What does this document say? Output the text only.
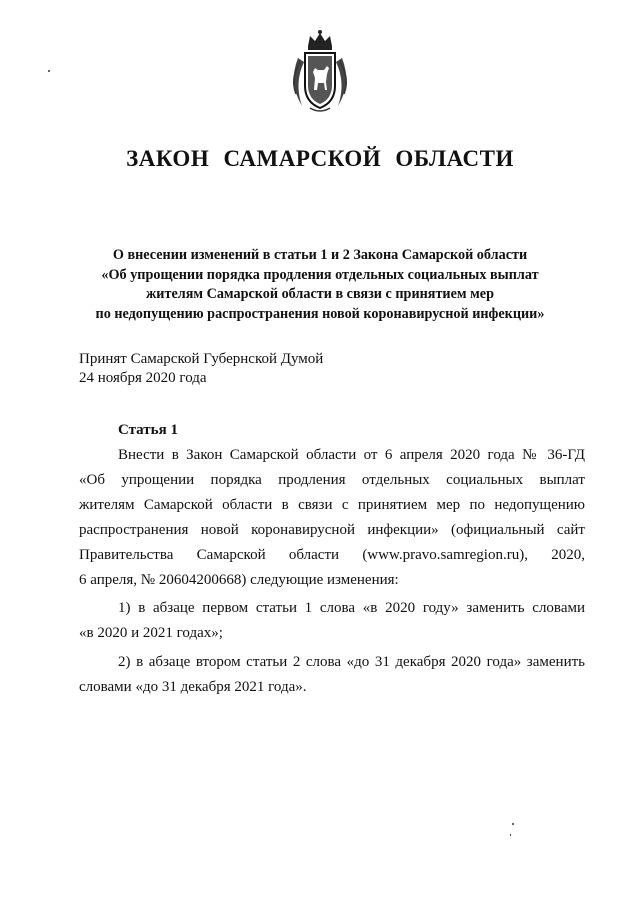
ЗАКОН САМАРСКОЙ ОБЛАСТИ
О внесении изменений в статьи 1 и 2 Закона Самарской области
«Об упрощении порядка продления отдельных социальных выплат
жителям Самарской области в связи с принятием мер
по недопущению распространения новой коронавирусной инфекции»
Принят Самарской Губернской Думой
24 ноября 2020 года
Статья 1
Внести в Закон Самарской области от 6 апреля 2020 года № 36-ГД
«Об упрощении порядка продления отдельных социальных выплат
жителям Самарской области в связи с принятием мер по недопущению
распространения новой коронавирусной инфекции» (официальный сайт
Правительства Самарской области (www.pravo.samregion.ru), 2020,
6 апреля, № 20604200668) следующие изменения:
1) в абзаце первом статьи 1 слова «в 2020 году» заменить словами
«в 2020 и 2021 годах»;
2) в абзаце втором статьи 2 слова «до 31 декабря 2020 года» заменить
словами «до 31 декабря 2021 года».
